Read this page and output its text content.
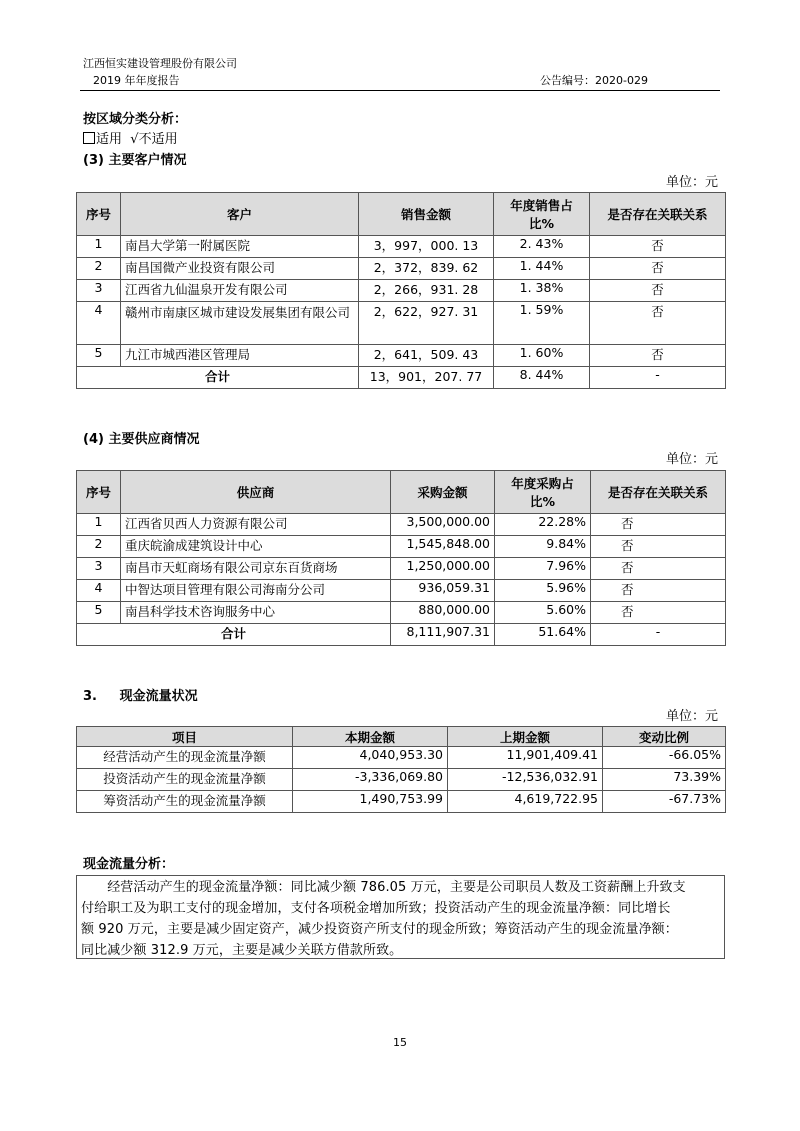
江西恒实建设管理股份有限公司
2019 年年度报告	公告编号：2020-029
按区域分类分析：
适用 √不适用
(3) 主要客户情况
单位：元
序号	客户	销售金额	年度销售占比%	是否存在关联关系
1	南昌大学第一附属医院	3，997，000. 13	2. 43%	否
2	南昌国微产业投资有限公司	2，372，839. 62	1. 44%	否
3	江西省九仙温泉开发有限公司	2，266，931. 28	1. 38%	否
4	赣州市南康区城市建设发展集团有限公司	2，622，927. 31	1. 59%	否
5	九江市城西港区管理局	2，641，509. 43	1. 60%	否
合计		13，901，207. 77	8. 44%	-
(4) 主要供应商情况
单位：元
序号	供应商	采购金额	年度采购占比%	是否存在关联关系
1	江西省贝西人力资源有限公司	3,500,000.00	22.28%	否
2	重庆皖渝成建筑设计中心	1,545,848.00	9.84%	否
3	南昌市天虹商场有限公司京东百货商场	1,250,000.00	7.96%	否
4	中智达项目管理有限公司海南分公司	936,059.31	5.96%	否
5	南昌科学技术咨询服务中心	880,000.00	5.60%	否
合计		8,111,907.31	51.64%	-
3. 现金流量状况
单位：元
项目	本期金额	上期金额	变动比例
经营活动产生的现金流量净额	4,040,953.30	11,901,409.41	-66.05%
投资活动产生的现金流量净额	-3,336,069.80	-12,536,032.91	73.39%
筹资活动产生的现金流量净额	1,490,753.99	4,619,722.95	-67.73%
现金流量分析：
　　经营活动产生的现金流量净额：同比减少额 786.05 万元，主要是公司职员人数及工资薪酬上升致支
付给职工及为职工支付的现金增加，支付各项税金增加所致；投资活动产生的现金流量净额：同比增长
额 920 万元，主要是减少固定资产，减少投资资产所支付的现金所致；筹资活动产生的现金流量净额：
同比减少额 312.9 万元，主要是减少关联方借款所致。
15
